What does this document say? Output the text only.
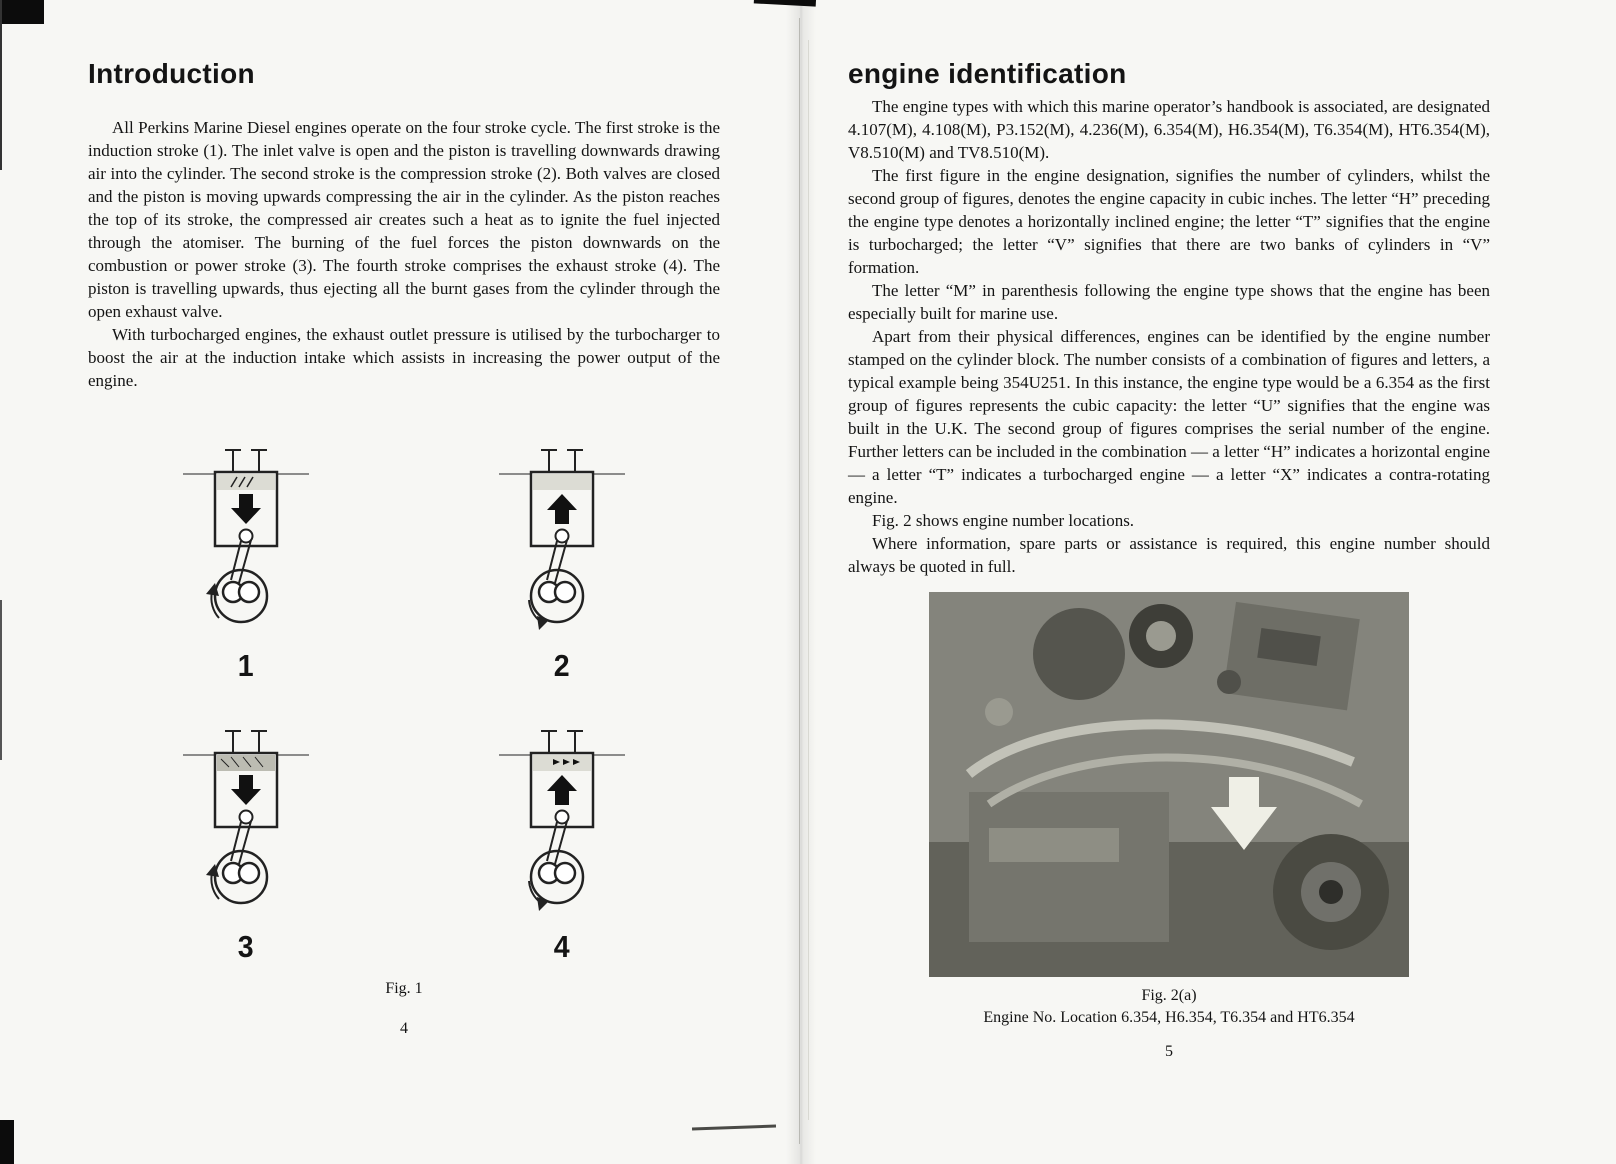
Introduction

All Perkins Marine Diesel engines operate on the four stroke cycle. The first stroke is the induction stroke (1). The inlet valve is open and the piston is travelling downwards drawing air into the cylinder. The second stroke is the compression stroke (2). Both valves are closed and the piston is moving upwards compressing the air in the cylinder. As the piston reaches the top of its stroke, the compressed air creates such a heat as to ignite the fuel injected through the atomiser. The burning of the fuel forces the piston downwards on the combustion or power stroke (3). The fourth stroke comprises the exhaust stroke (4). The piston is travelling upwards, thus ejecting all the burnt gases from the cylinder through the open exhaust valve.

With turbocharged engines, the exhaust outlet pressure is utilised by the turbocharger to boost the air at the induction intake which assists in increasing the power output of the engine.

1	2
3	4
Fig. 1
4
engine identification

The engine types with which this marine operator’s handbook is associated, are designated 4.107(M), 4.108(M), P3.152(M), 4.236(M), 6.354(M), H6.354(M), T6.354(M), HT6.354(M), V8.510(M) and TV8.510(M).

The first figure in the engine designation, signifies the number of cylinders, whilst the second group of figures, denotes the engine capacity in cubic inches. The letter “H” preceding the engine type denotes a horizontally inclined engine; the letter “T” signifies that the engine is turbocharged; the letter “V” signifies that there are two banks of cylinders in “V” formation.

The letter “M” in parenthesis following the engine type shows that the engine has been especially built for marine use.

Apart from their physical differences, engines can be identified by the engine number stamped on the cylinder block. The number consists of a combination of figures and letters, a typical example being 354U251. In this instance, the engine type would be a 6.354 as the first group of figures represents the cubic capacity: the letter “U” signifies that the engine was built in the U.K. The second group of figures comprises the serial number of the engine. Further letters can be included in the combination — a letter “H” indicates a horizontal engine — a letter “T” indicates a turbocharged engine — a letter “X” indicates a contra-rotating engine.

Fig. 2 shows engine number locations.

Where information, spare parts or assistance is required, this engine number should always be quoted in full.

Fig. 2(a)
Engine No. Location 6.354, H6.354, T6.354 and HT6.354
5
